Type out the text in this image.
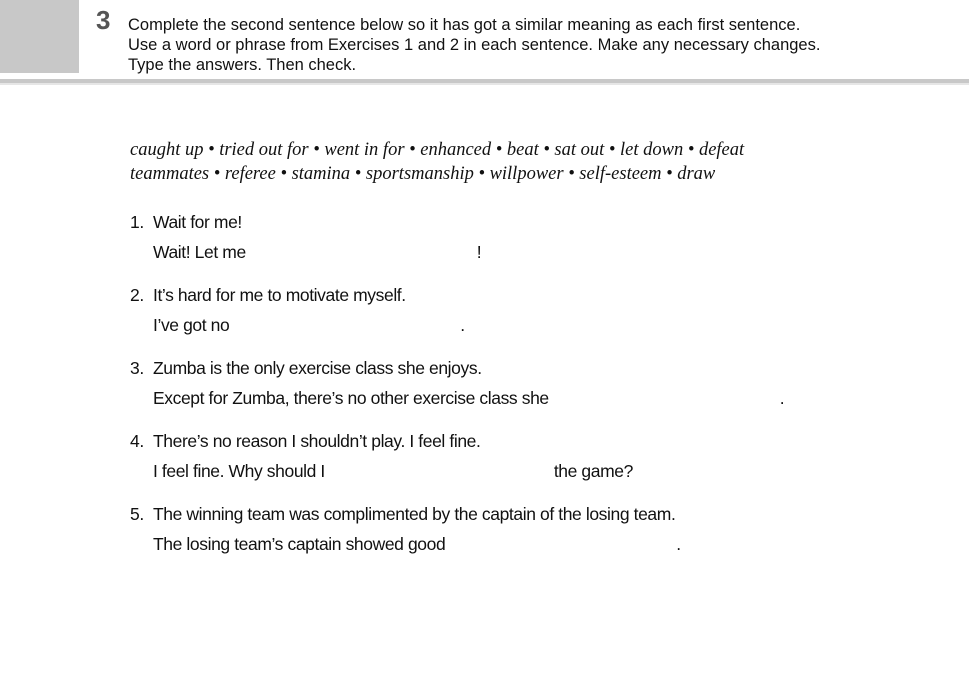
3 Complete the second sentence below so it has got a similar meaning as each first sentence.
Use a word or phrase from Exercises 1 and 2 in each sentence. Make any necessary changes.
Type the answers. Then check.
caught up • tried out for • went in for • enhanced • beat • sat out • let down • defeat
teammates • referee • stamina • sportsmanship • willpower • self-esteem • draw
1. Wait for me!
Wait! Let me	!
2. It’s hard for me to motivate myself.
I’ve got no	.
3. Zumba is the only exercise class she enjoys.
Except for Zumba, there’s no other exercise class she	.
4. There’s no reason I shouldn’t play. I feel fine.
I feel fine. Why should I	the game?
5. The winning team was complimented by the captain of the losing team.
The losing team’s captain showed good	.
